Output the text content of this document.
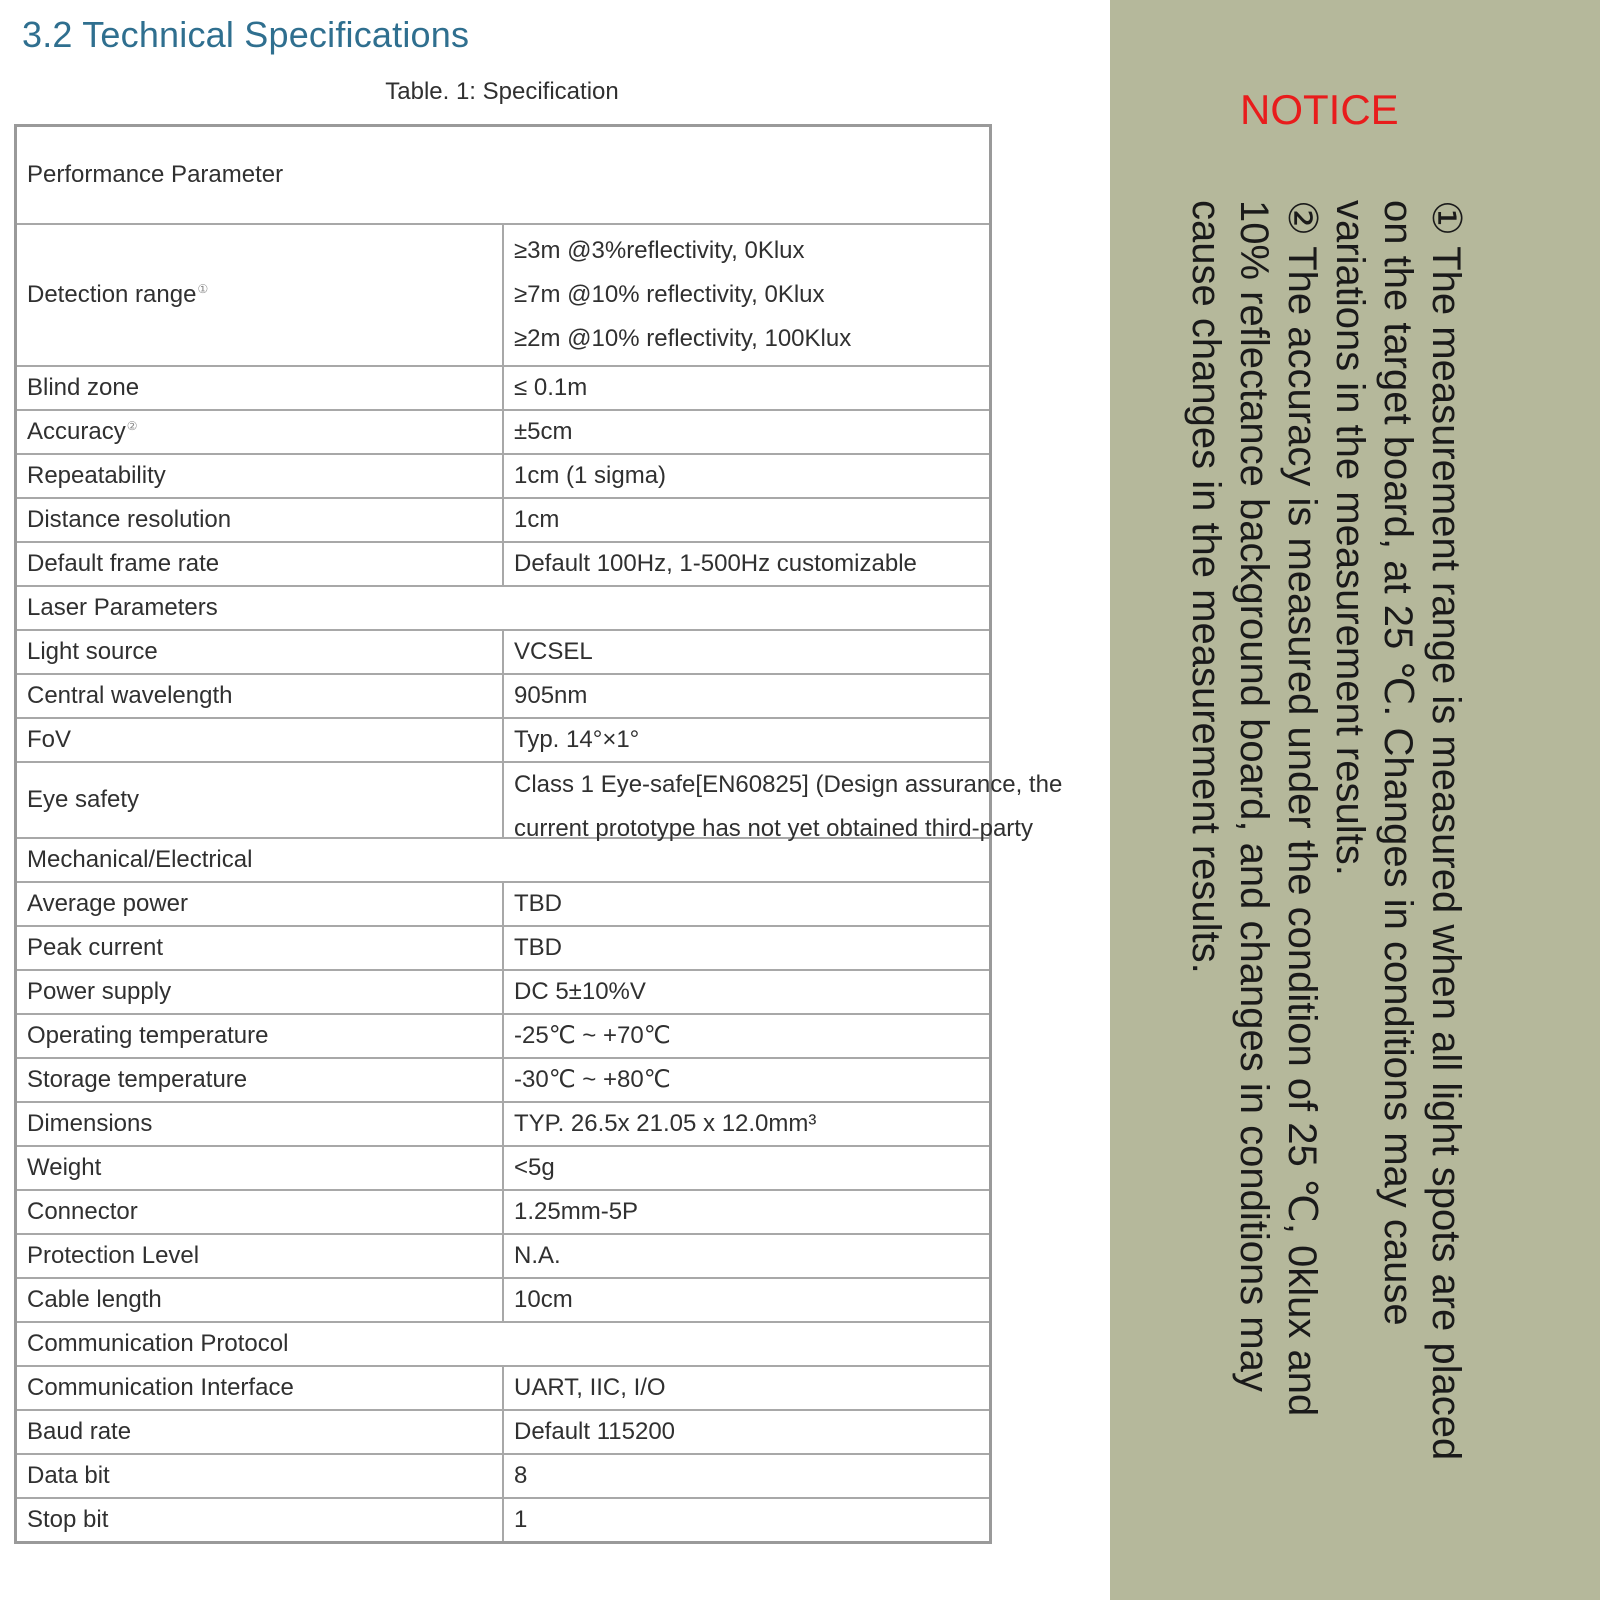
3.2 Technical Specifications
Table. 1: Specification
Performance Parameter	
Detection range①	≥3m @3%reflectivity, 0Klux
≥7m @10% reflectivity, 0Klux
≥2m @10% reflectivity, 100Klux

Blind zone	≤ 0.1m
Accuracy②	±5cm
Repeatability	1cm (1 sigma)
Distance resolution	1cm
Default frame rate	Default 100Hz, 1-500Hz customizable
Laser Parameters	
Light source	VCSEL
Central wavelength	905nm
FoV	Typ. 14°×1°
Eye safety	Class 1 Eye-safe[EN60825] (Design assurance, the
current prototype has not yet obtained third-party

Mechanical/Electrical	
Average power	TBD
Peak current	TBD
Power supply	DC 5±10%V
Operating temperature	-25℃ ~ +70℃
Storage temperature	-30℃ ~ +80℃
Dimensions	TYP. 26.5x 21.05 x 12.0mm³
Weight	<5g
Connector	1.25mm-5P
Protection Level	N.A.
Cable length	10cm
Communication Protocol	
Communication Interface	UART, IIC, I/O
Baud rate	Default 115200
Data bit	8
Stop bit	1
NOTICE

① The measurement range is measured when all light spots are placed on the target board, at 25 ℃. Changes in conditions may cause variations in the measurement results.

② The accuracy is measured under the condition of 25 ℃, 0klux and 10% reflectance background board, and changes in conditions may cause changes in the measurement results.
